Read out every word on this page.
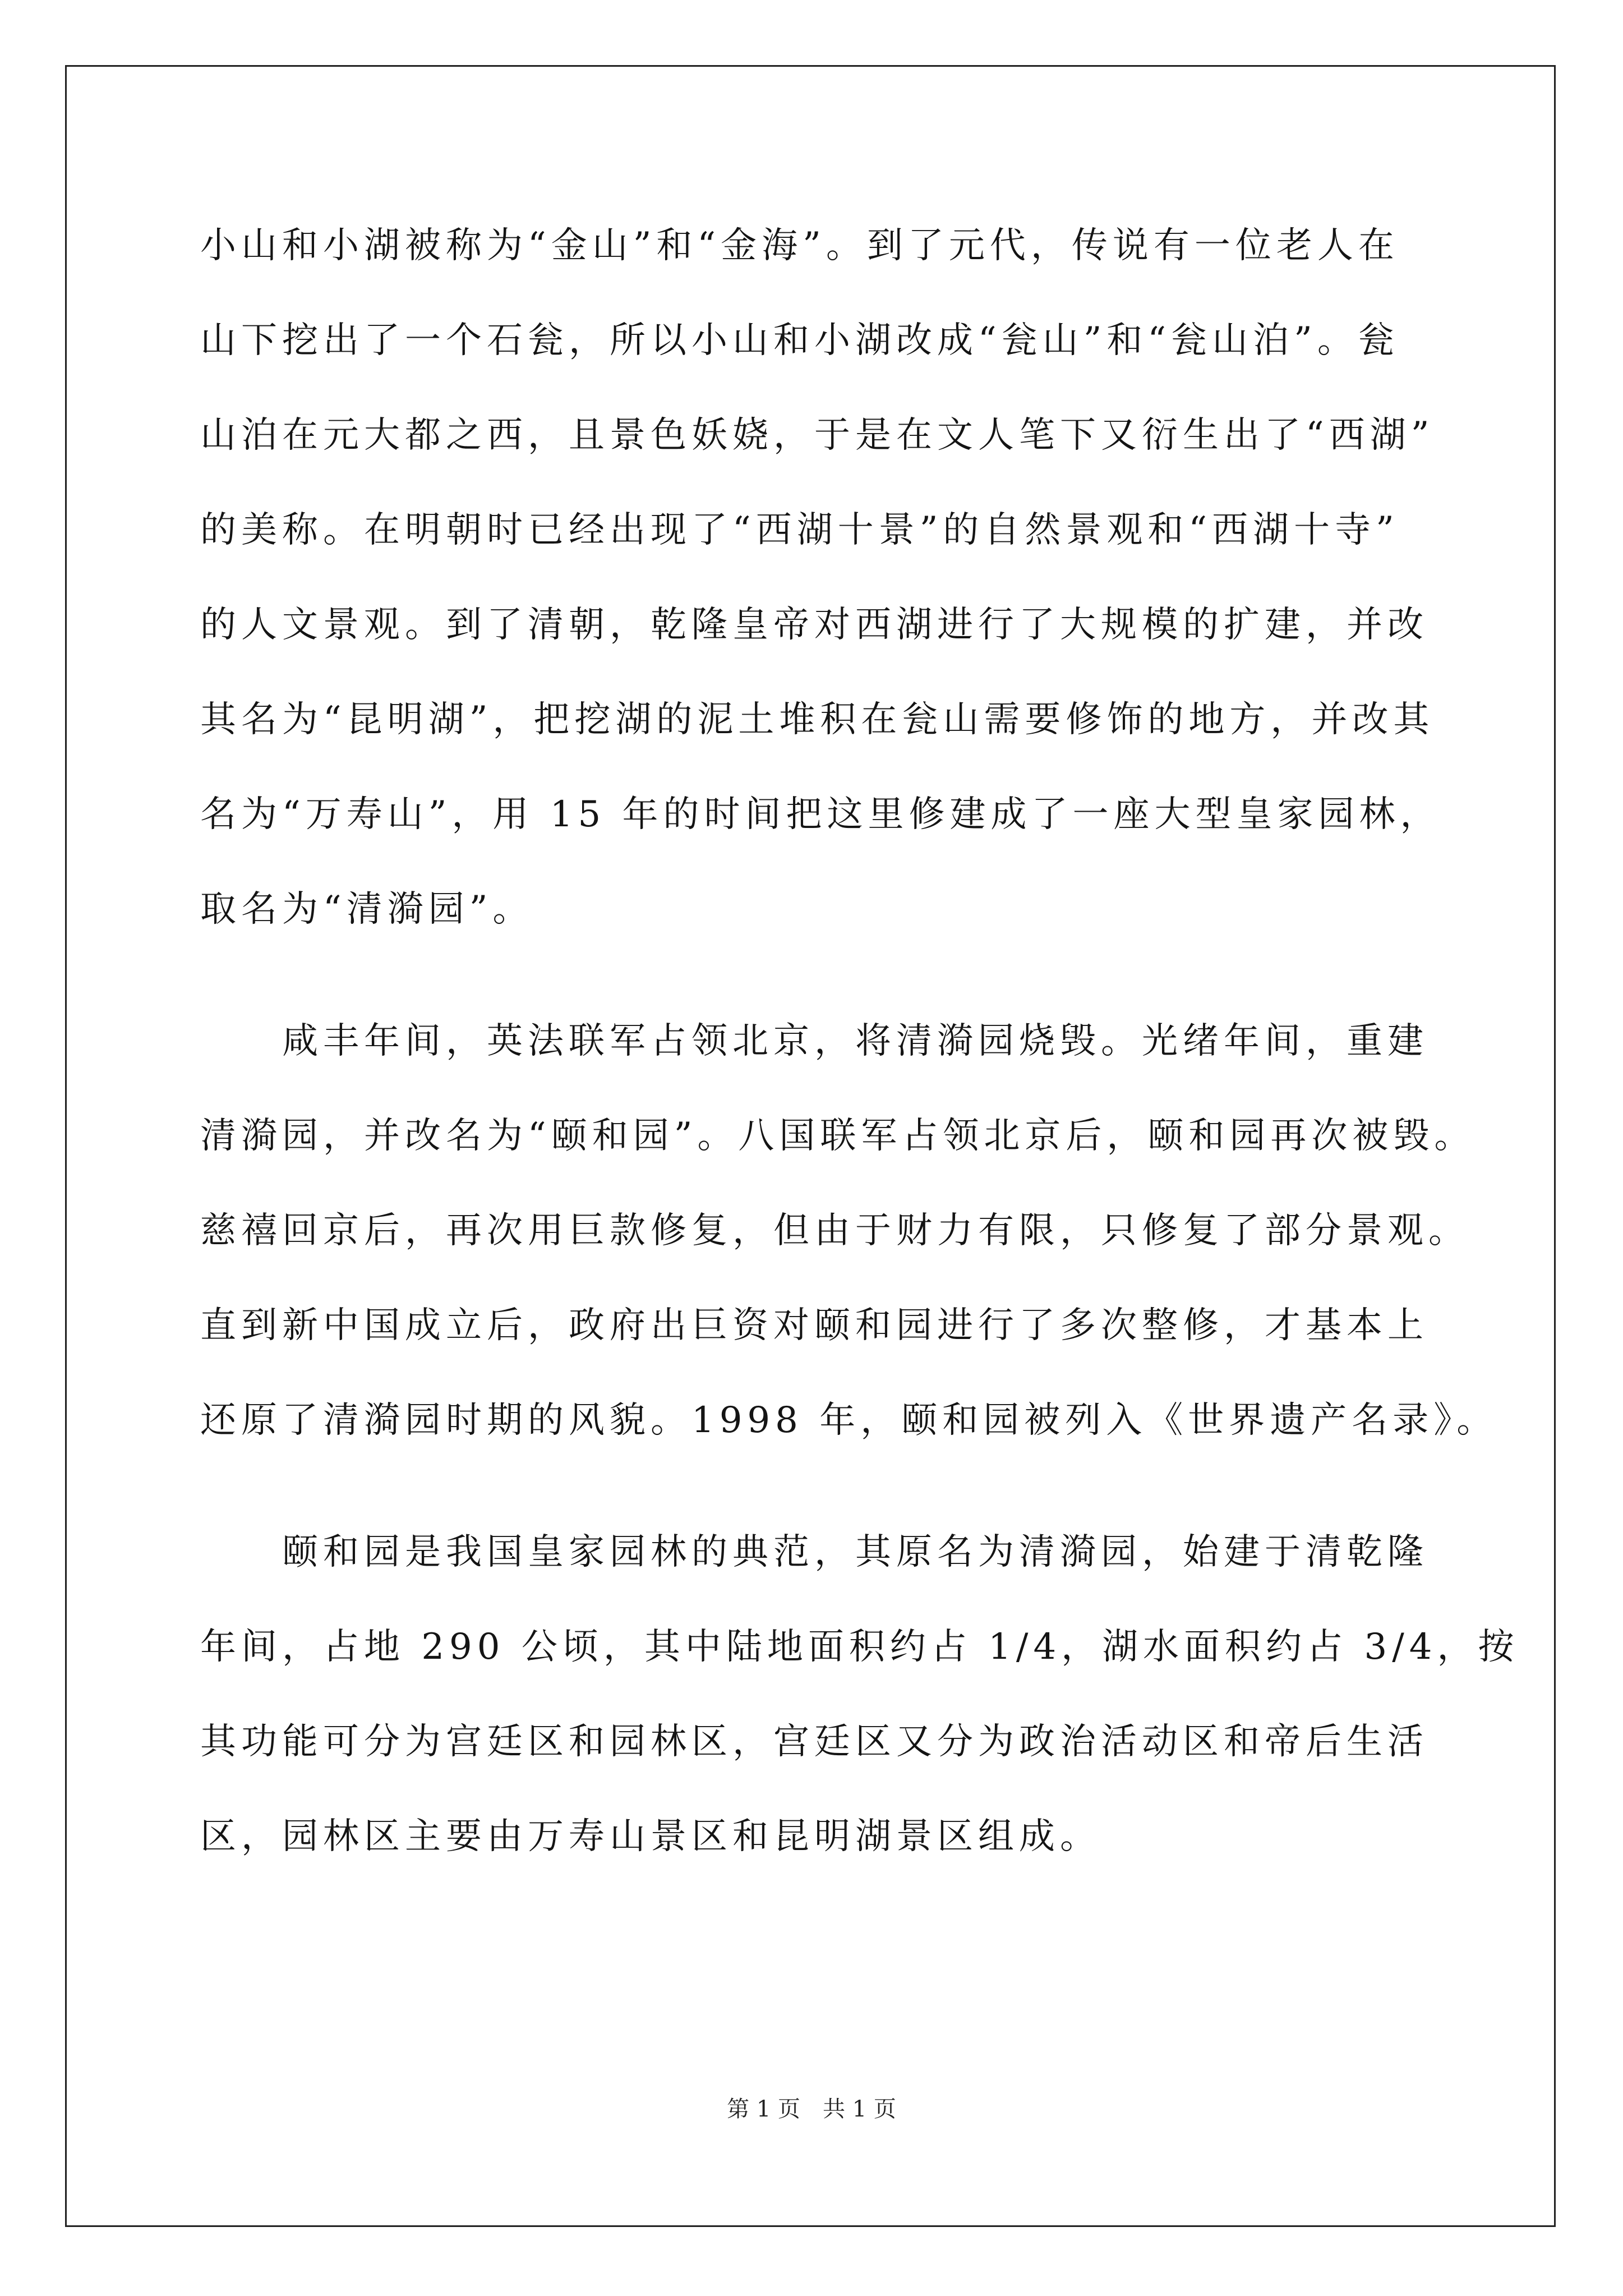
小山和小湖被称为“金山”和“金海”。到了元代，传说有一位老人在
山下挖出了一个石瓮，所以小山和小湖改成“瓮山”和“瓮山泊”。瓮
山泊在元大都之西，且景色妖娆，于是在文人笔下又衍生出了“西湖”
的美称。在明朝时已经出现了“西湖十景”的自然景观和“西湖十寺”
的人文景观。到了清朝，乾隆皇帝对西湖进行了大规模的扩建，并改
其名为“昆明湖”，把挖湖的泥土堆积在瓮山需要修饰的地方，并改其
名为“万寿山”，用 15 年的时间把这里修建成了一座大型皇家园林，
取名为“清漪园”。
　　咸丰年间，英法联军占领北京，将清漪园烧毁。光绪年间，重建
清漪园，并改名为“颐和园”。八国联军占领北京后，颐和园再次被毁。
慈禧回京后，再次用巨款修复，但由于财力有限，只修复了部分景观。
直到新中国成立后，政府出巨资对颐和园进行了多次整修，才基本上
还原了清漪园时期的风貌。1998 年，颐和园被列入《世界遗产名录》。
　　颐和园是我国皇家园林的典范，其原名为清漪园，始建于清乾隆
年间，占地 290 公顷，其中陆地面积约占 1/4，湖水面积约占 3/4，按
其功能可分为宫廷区和园林区，宫廷区又分为政治活动区和帝后生活
区，园林区主要由万寿山景区和昆明湖景区组成。
第 1 页　共 1 页
